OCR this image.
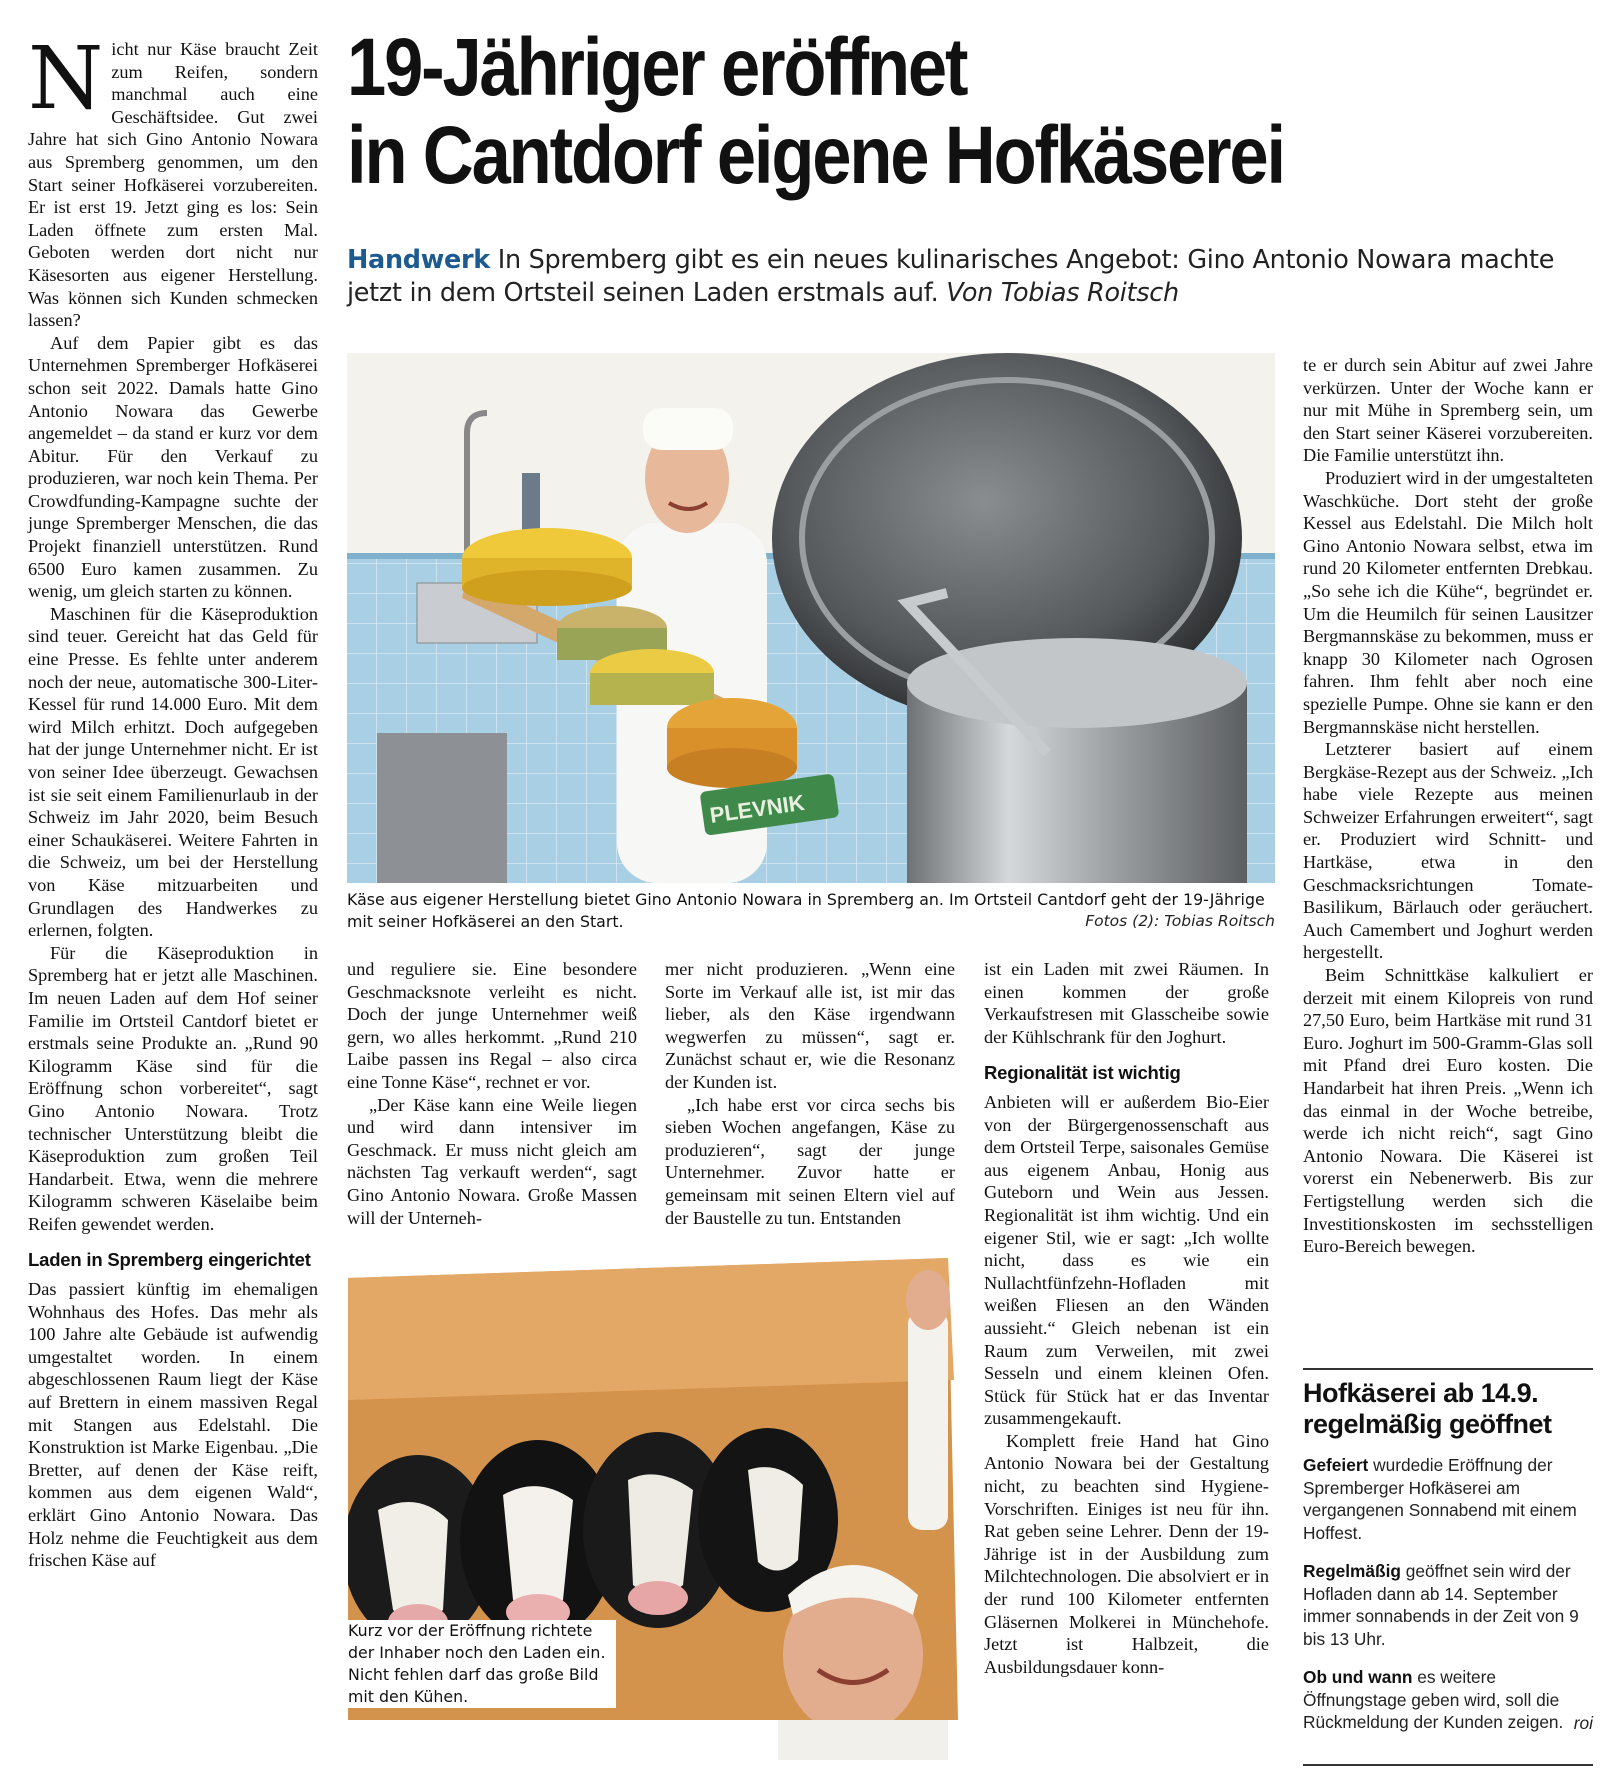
19-Jähriger eröffnet
in Cantdorf eigene Hofkäserei
Handwerk In Spremberg gibt es ein neues kulinarisches Angebot: Gino Antonio Nowara machte jetzt in dem Ortsteil seinen Laden erstmals auf. Von Tobias Roitsch

Nicht nur Käse braucht Zeit zum Reifen, sondern manchmal auch eine Geschäftsidee. Gut zwei Jahre hat sich Gino Antonio Nowara aus Spremberg genommen, um den Start seiner Hofkäserei vorzubereiten. Er ist erst 19. Jetzt ging es los: Sein Laden öffnete zum ersten Mal. Geboten werden dort nicht nur Käsesorten aus eigener Herstellung. Was können sich Kunden schmecken lassen?

Auf dem Papier gibt es das Unternehmen Spremberger Hofkäserei schon seit 2022. Damals hatte Gino Antonio Nowara das Gewerbe angemeldet – da stand er kurz vor dem Abitur. Für den Verkauf zu produzieren, war noch kein Thema. Per Crowdfunding-Kampagne suchte der junge Spremberger Menschen, die das Projekt finanziell unterstützen. Rund 6500 Euro kamen zusammen. Zu wenig, um gleich starten zu können.

Maschinen für die Käseproduktion sind teuer. Gereicht hat das Geld für eine Presse. Es fehlte unter anderem noch der neue, automatische 300-Liter-Kessel für rund 14.000 Euro. Mit dem wird Milch erhitzt. Doch aufgegeben hat der junge Unternehmer nicht. Er ist von seiner Idee überzeugt. Gewachsen ist sie seit einem Familienurlaub in der Schweiz im Jahr 2020, beim Besuch einer Schaukäserei. Weitere Fahrten in die Schweiz, um bei der Herstellung von Käse mitzuarbeiten und Grundlagen des Handwerkes zu erlernen, folgten.

Für die Käseproduktion in Spremberg hat er jetzt alle Maschinen. Im neuen Laden auf dem Hof seiner Familie im Ortsteil Cantdorf bietet er erstmals seine Produkte an. „Rund 90 Kilogramm Käse sind für die Eröffnung schon vorbereitet“, sagt Gino Antonio Nowara. Trotz technischer Unterstützung bleibt die Käseproduktion zum großen Teil Handarbeit. Etwa, wenn die mehrere Kilogramm schweren Käselaibe beim Reifen gewendet werden.

Laden in Spremberg eingerichtet

Das passiert künftig im ehemaligen Wohnhaus des Hofes. Das mehr als 100 Jahre alte Gebäude ist aufwendig umgestaltet worden. In einem abgeschlossenen Raum liegt der Käse auf Brettern in einem massiven Regal mit Stangen aus Edelstahl. Die Konstruktion ist Marke Eigenbau. „Die Bretter, auf denen der Käse reift, kommen aus dem eigenen Wald“, erklärt Gino Antonio Nowara. Das Holz nehme die Feuchtigkeit aus dem frischen Käse auf

PLEVNIK
Käse aus eigener Herstellung bietet Gino Antonio Nowara in Spremberg an. Im Ortsteil Cantdorf geht der 19-Jährige mit seiner Hofkäserei an den Start.	Fotos (2): Tobias Roitsch

und reguliere sie. Eine besondere Geschmacksnote verleiht es nicht. Doch der junge Unternehmer weiß gern, wo alles herkommt. „Rund 210 Laibe passen ins Regal – also circa eine Tonne Käse“, rechnet er vor.

„Der Käse kann eine Weile liegen und wird dann intensiver im Geschmack. Er muss nicht gleich am nächsten Tag verkauft werden“, sagt Gino Antonio Nowara. Große Massen will der Unterneh-

mer nicht produzieren. „Wenn eine Sorte im Verkauf alle ist, ist mir das lieber, als den Käse irgendwann wegwerfen zu müssen“, sagt er. Zunächst schaut er, wie die Resonanz der Kunden ist.

„Ich habe erst vor circa sechs bis sieben Wochen angefangen, Käse zu produzieren“, sagt der junge Unternehmer. Zuvor hatte er gemeinsam mit seinen Eltern viel auf der Baustelle zu tun. Entstanden

Kurz vor der Eröffnung richtete der Inhaber noch den Laden ein. Nicht fehlen darf das große Bild mit den Kühen.

ist ein Laden mit zwei Räumen. In einen kommen der große Verkaufstresen mit Glasscheibe sowie der Kühlschrank für den Joghurt.

Regionalität ist wichtig

Anbieten will er außerdem Bio-Eier von der Bürgergenossenschaft aus dem Ortsteil Terpe, saisonales Gemüse aus eigenem Anbau, Honig aus Guteborn und Wein aus Jessen. Regionalität ist ihm wichtig. Und ein eigener Stil, wie er sagt: „Ich wollte nicht, dass es wie ein Nullachtfünfzehn-Hofladen mit weißen Fliesen an den Wänden aussieht.“ Gleich nebenan ist ein Raum zum Verweilen, mit zwei Sesseln und einem kleinen Ofen. Stück für Stück hat er das Inventar zusammengekauft.

Komplett freie Hand hat Gino Antonio Nowara bei der Gestaltung nicht, zu beachten sind Hygiene-Vorschriften. Einiges ist neu für ihn. Rat geben seine Lehrer. Denn der 19-Jährige ist in der Ausbildung zum Milchtechnologen. Die absolviert er in der rund 100 Kilometer entfernten Gläsernen Molkerei in Münchehofe. Jetzt ist Halbzeit, die Ausbildungsdauer konn-

te er durch sein Abitur auf zwei Jahre verkürzen. Unter der Woche kann er nur mit Mühe in Spremberg sein, um den Start seiner Käserei vorzubereiten. Die Familie unterstützt ihn.

Produziert wird in der umgestalteten Waschküche. Dort steht der große Kessel aus Edelstahl. Die Milch holt Gino Antonio Nowara selbst, etwa im rund 20 Kilometer entfernten Drebkau. „So sehe ich die Kühe“, begründet er. Um die Heumilch für seinen Lausitzer Bergmannskäse zu bekommen, muss er knapp 30 Kilometer nach Ogrosen fahren. Ihm fehlt aber noch eine spezielle Pumpe. Ohne sie kann er den Bergmannskäse nicht herstellen.

Letzterer basiert auf einem Bergkäse-Rezept aus der Schweiz. „Ich habe viele Rezepte aus meinen Schweizer Erfahrungen erweitert“, sagt er. Produziert wird Schnitt- und Hartkäse, etwa in den Geschmacksrichtungen Tomate-Basilikum, Bärlauch oder geräuchert. Auch Camembert und Joghurt werden hergestellt.

Beim Schnittkäse kalkuliert er derzeit mit einem Kilopreis von rund 27,50 Euro, beim Hartkäse mit rund 31 Euro. Joghurt im 500-Gramm-Glas soll mit Pfand drei Euro kosten. Die Handarbeit hat ihren Preis. „Wenn ich das einmal in der Woche betreibe, werde ich nicht reich“, sagt Gino Antonio Nowara. Die Käserei ist vorerst ein Nebenerwerb. Bis zur Fertigstellung werden sich die Investitionskosten im sechsstelligen Euro-Bereich bewegen.

Hofkäserei ab 14.9.
regelmäßig geöffnet

Gefeiert wurdedie Eröffnung der Spremberger Hofkäserei am vergangenen Sonnabend mit einem Hoffest.

Regelmäßig geöffnet sein wird der Hofladen dann ab 14. September immer sonnabends in der Zeit von 9 bis 13 Uhr.

Ob und wann es weitere Öffnungstage geben wird, soll die Rückmeldung der Kunden zeigen. roi
